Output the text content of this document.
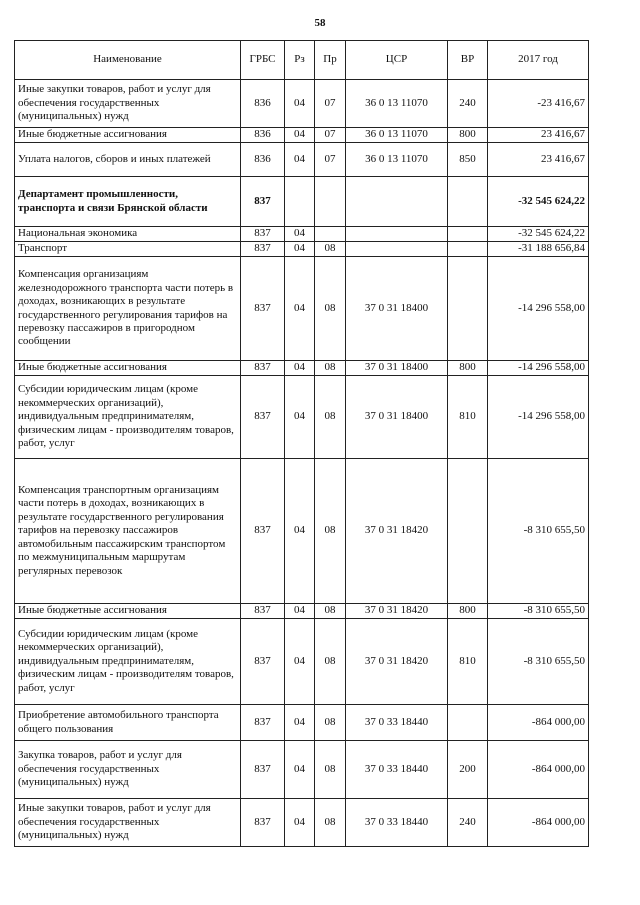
58
Наименование	ГРБС	Рз	Пр	ЦСР	ВР	2017 год
Иные закупки товаров, работ и услуг для обеспечения государственных (муниципальных) нужд	836	04	07	36 0 13 11070	240	-23 416,67
Иные бюджетные ассигнования	836	04	07	36 0 13 11070	800	23 416,67
Уплата налогов, сборов и иных платежей	836	04	07	36 0 13 11070	850	23 416,67
Департамент промышленности, транспорта и связи Брянской области	837					-32 545 624,22
Национальная экономика	837	04				-32 545 624,22
Транспорт	837	04	08			-31 188 656,84
Компенсация организациям железнодорожного транспорта части потерь в доходах, возникающих в результате государственного регулирования тарифов на перевозку пассажиров в пригородном сообщении	837	04	08	37 0 31 18400		-14 296 558,00
Иные бюджетные ассигнования	837	04	08	37 0 31 18400	800	-14 296 558,00
Субсидии юридическим лицам (кроме некоммерческих организаций), индивидуальным предпринимателям, физическим лицам - производителям товаров, работ, услуг	837	04	08	37 0 31 18400	810	-14 296 558,00
Компенсация транспортным организациям части потерь в доходах, возникающих в результате государственного регулирования тарифов на перевозку пассажиров автомобильным пассажирским транспортом по межмуниципальным маршрутам регулярных перевозок	837	04	08	37 0 31 18420		-8 310 655,50
Иные бюджетные ассигнования	837	04	08	37 0 31 18420	800	-8 310 655,50
Субсидии юридическим лицам (кроме некоммерческих организаций), индивидуальным предпринимателям, физическим лицам - производителям товаров, работ, услуг	837	04	08	37 0 31 18420	810	-8 310 655,50
Приобретение автомобильного транспорта общего пользования	837	04	08	37 0 33 18440		-864 000,00
Закупка товаров, работ и услуг для обеспечения государственных (муниципальных) нужд	837	04	08	37 0 33 18440	200	-864 000,00
Иные закупки товаров, работ и услуг для обеспечения государственных (муниципальных) нужд	837	04	08	37 0 33 18440	240	-864 000,00
